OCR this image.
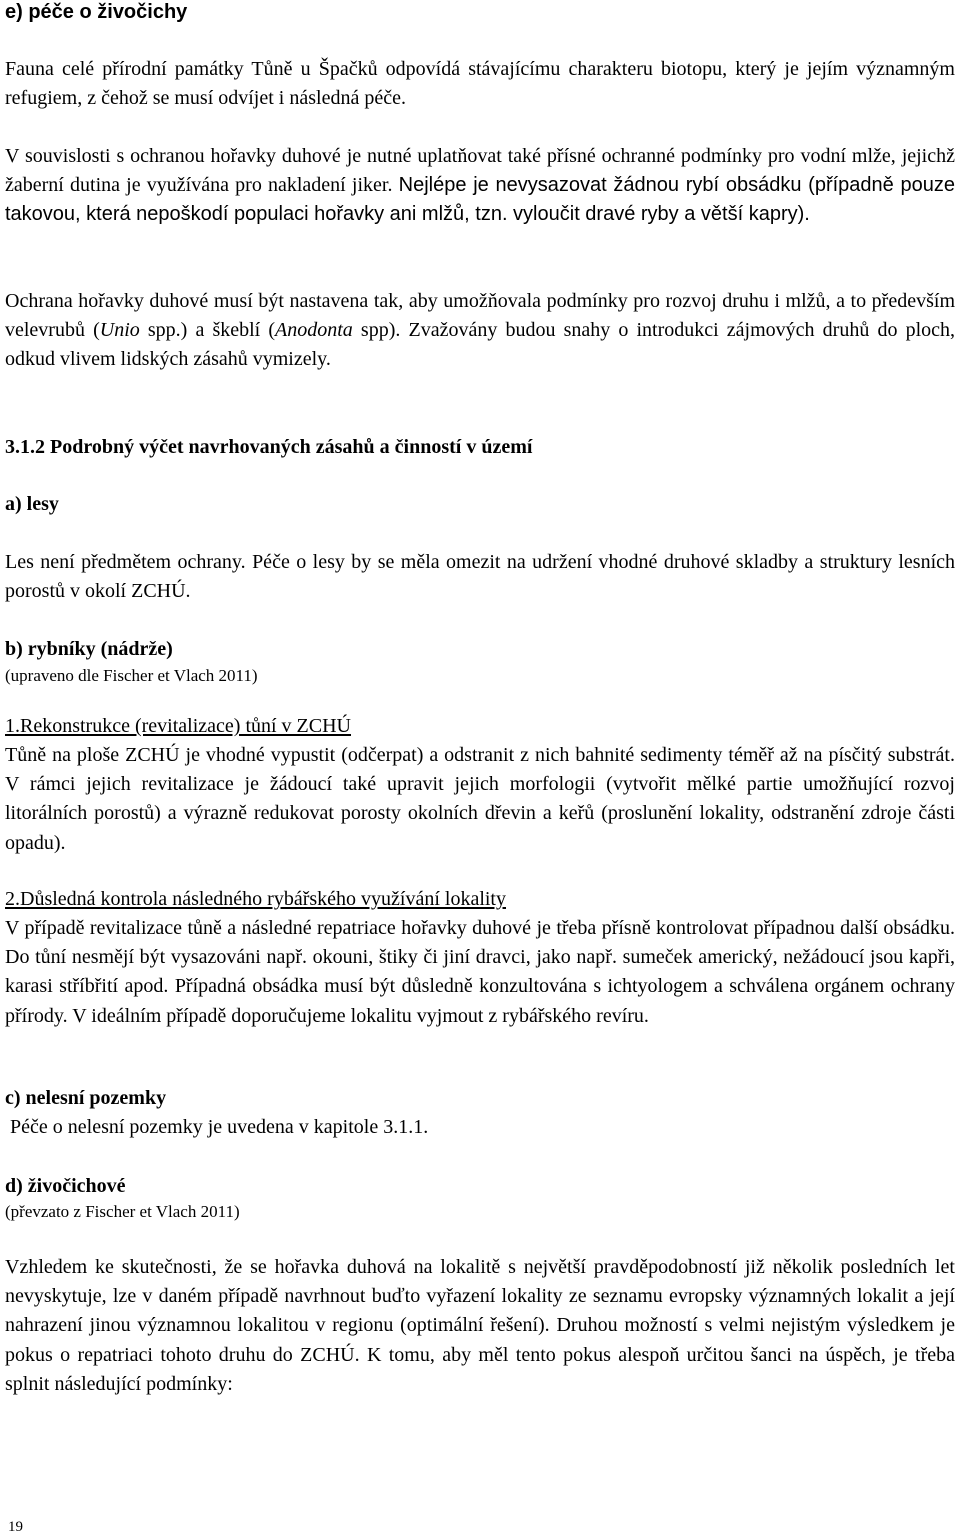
e) péče o živočichy

Fauna celé přírodní památky Tůně u Špačků odpovídá stávajícímu charakteru biotopu, který je jejím významným refugiem, z čehož se musí odvíjet i následná péče.

V souvislosti s ochranou hořavky duhové je nutné uplatňovat také přísné ochranné podmínky pro vodní mlže, jejichž žaberní dutina je využívána pro nakladení jiker. Nejlépe je nevysazovat žádnou rybí obsádku (případně pouze takovou, která nepoškodí populaci hořavky ani mlžů, tzn. vyloučit dravé ryby a větší kapry).

Ochrana hořavky duhové musí být nastavena tak, aby umožňovala podmínky pro rozvoj druhu i mlžů, a to především velevrubů (Unio spp.) a škeblí (Anodonta spp). Zvažovány budou snahy o introdukci zájmových druhů do ploch, odkud vlivem lidských zásahů vymizely.

3.1.2 Podrobný výčet navrhovaných zásahů a činností v území
a) lesy

Les není předmětem ochrany. Péče o lesy by se měla omezit na udržení vhodné druhové skladby a struktury lesních porostů v okolí ZCHÚ.

b) rybníky (nádrže)
(upraveno dle Fischer et Vlach 2011)
1.Rekonstrukce (revitalizace) tůní v ZCHÚ

Tůně na ploše ZCHÚ je vhodné vypustit (odčerpat) a odstranit z nich bahnité sedimenty téměř až na písčitý substrát. V rámci jejich revitalizace je žádoucí také upravit jejich morfologii (vytvořit mělké partie umožňující rozvoj litorálních porostů) a výrazně redukovat porosty okolních dřevin a keřů (proslunění lokality, odstranění zdroje části opadu).

2.Důsledná kontrola následného rybářského využívání lokality

V případě revitalizace tůně a následné repatriace hořavky duhové je třeba přísně kontrolovat případnou další obsádku. Do tůní nesmějí být vysazováni např. okouni, štiky či jiní dravci, jako např. sumeček americký, nežádoucí jsou kapři, karasi stříbřití apod. Případná obsádka musí být důsledně konzultována s ichtyologem a schválena orgánem ochrany přírody. V ideálním případě doporučujeme lokalitu vyjmout z rybářského revíru.

c) nelesní pozemky

Péče o nelesní pozemky je uvedena v kapitole 3.1.1.

d) živočichové
(převzato z Fischer et Vlach 2011)

Vzhledem ke skutečnosti, že se hořavka duhová na lokalitě s největší pravděpodobností již několik posledních let nevyskytuje, lze v daném případě navrhnout buďto vyřazení lokality ze seznamu evropsky významných lokalit a její nahrazení jinou významnou lokalitou v regionu (optimální řešení). Druhou možností s velmi nejistým výsledkem je pokus o repatriaci tohoto druhu do ZCHÚ. K tomu, aby měl tento pokus alespoň určitou šanci na úspěch, je třeba splnit následující podmínky:

19
